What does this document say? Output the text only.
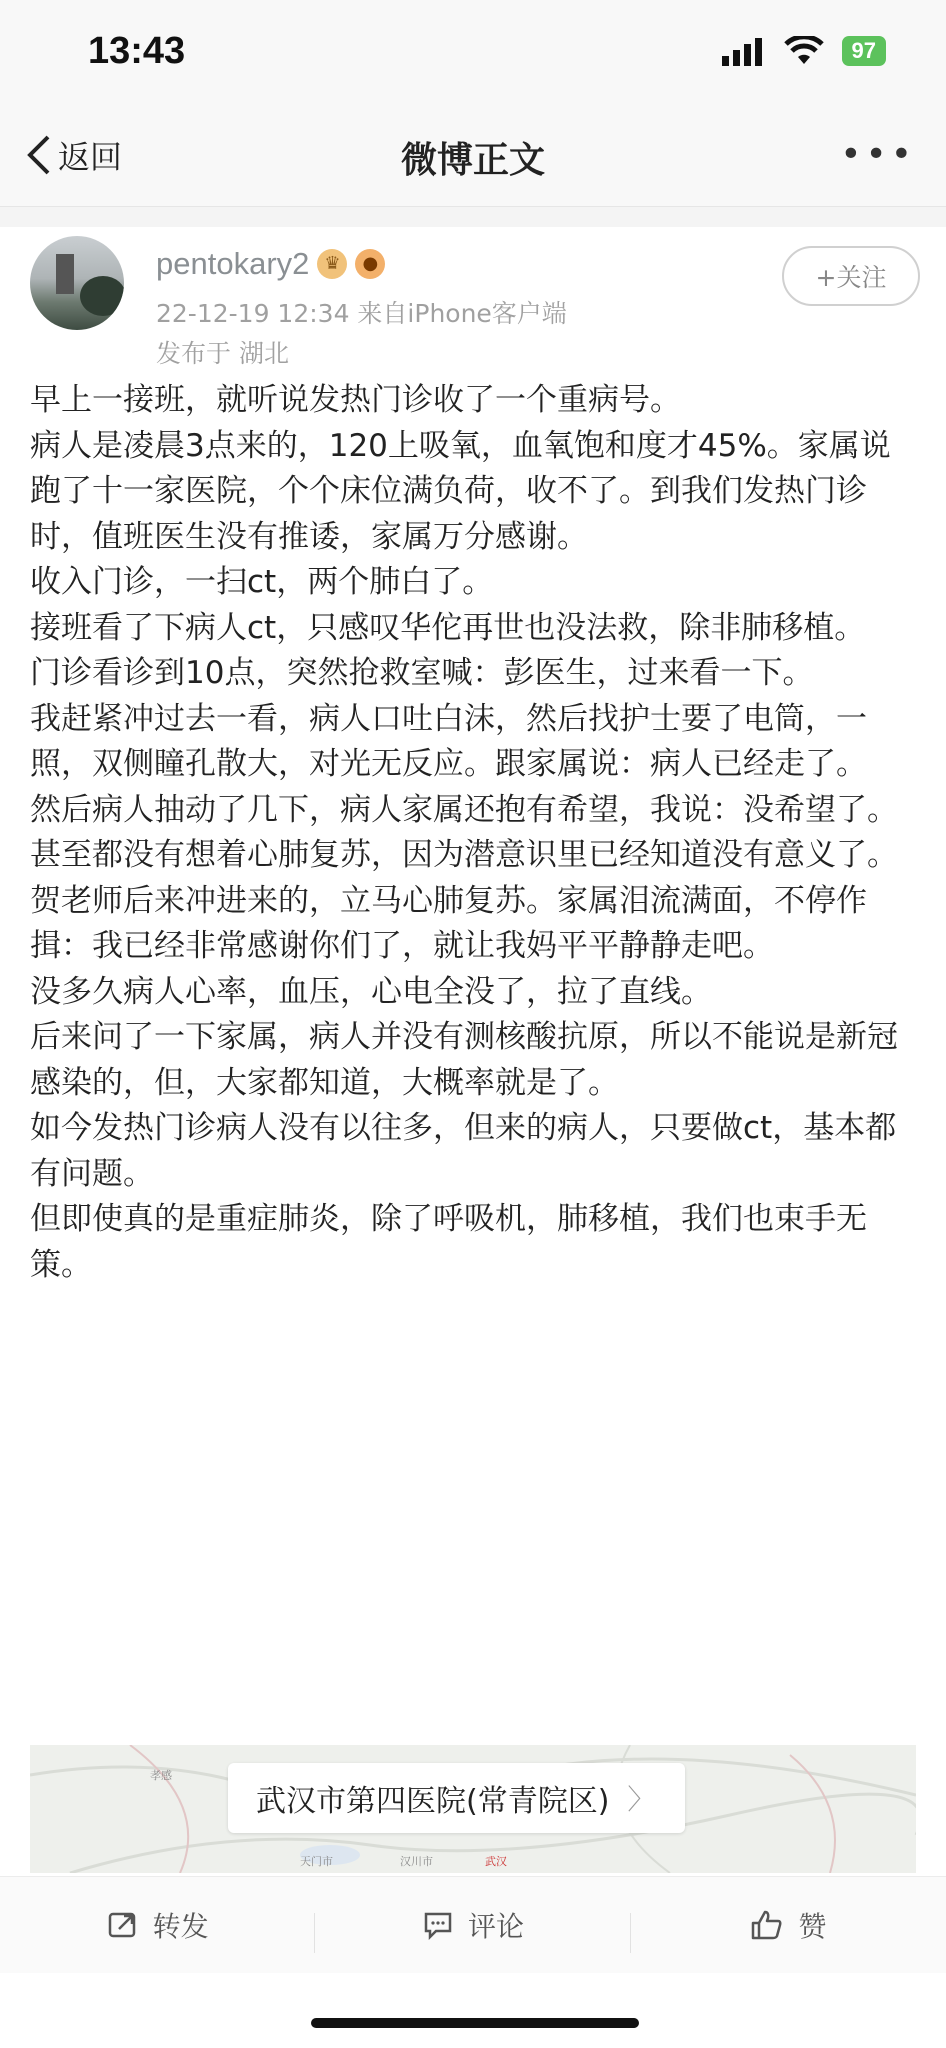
13:43	97
返回	微博正文	•••
pentokary2 ♛	●
22-12-19 12:34 来自iPhone客户端
发布于 湖北
+关注

早上一接班，就听说发热门诊收了一个重病号。

病人是凌晨3点来的，120上吸氧，血氧饱和度才45%。家属说跑了十一家医院，个个床位满负荷，收不了。到我们发热门诊时，值班医生没有推诿，家属万分感谢。

收入门诊，一扫ct，两个肺白了。

接班看了下病人ct，只感叹华佗再世也没法救，除非肺移植。

门诊看诊到10点，突然抢救室喊：彭医生，过来看一下。

我赶紧冲过去一看，病人口吐白沫，然后找护士要了电筒，一照，双侧瞳孔散大，对光无反应。跟家属说：病人已经走了。

然后病人抽动了几下，病人家属还抱有希望，我说：没希望了。甚至都没有想着心肺复苏，因为潜意识里已经知道没有意义了。

贺老师后来冲进来的，立马心肺复苏。家属泪流满面，不停作揖：我已经非常感谢你们了，就让我妈平平静静走吧。

没多久病人心率，血压，心电全没了，拉了直线。

后来问了一下家属，病人并没有测核酸抗原，所以不能说是新冠感染的，但，大家都知道，大概率就是了。

如今发热门诊病人没有以往多，但来的病人，只要做ct，基本都有问题。

但即使真的是重症肺炎，除了呼吸机，肺移植，我们也束手无策。

孝感
天门市	汉川市	武汉
武汉市第四医院(常青院区) 〉
转发	评论	赞
